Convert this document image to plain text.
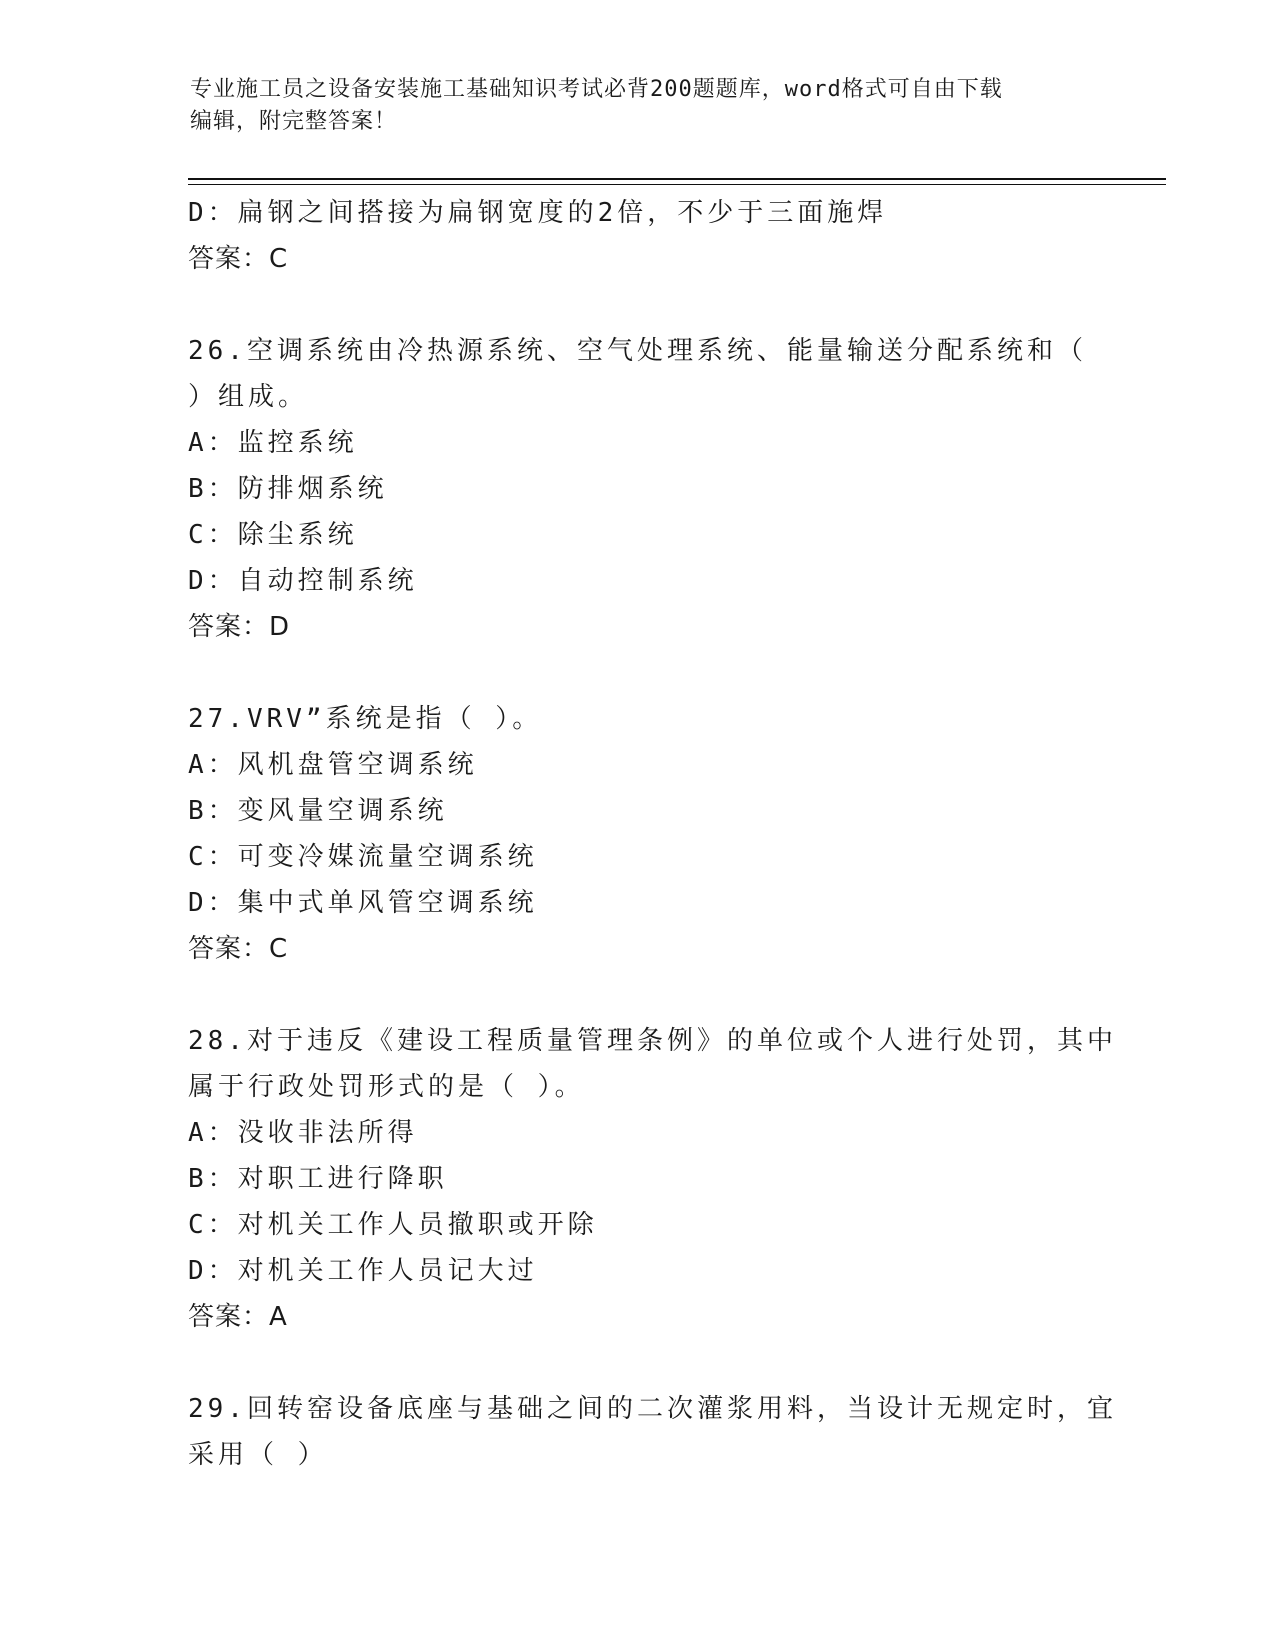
专业施工员之设备安装施工基础知识考试必背200题题库，word格式可自由下载
编辑，附完整答案！
D：扁钢之间搭接为扁钢宽度的2倍，不少于三面施焊
答案：C
26.空调系统由冷热源系统、空气处理系统、能量输送分配系统和（
）组成。
A：监控系统
B：防排烟系统
C：除尘系统
D：自动控制系统
答案：D
27.VRV”系统是指（ ）。
A：风机盘管空调系统
B：变风量空调系统
C：可变冷媒流量空调系统
D：集中式单风管空调系统
答案：C
28.对于违反《建设工程质量管理条例》的单位或个人进行处罚，其中
属于行政处罚形式的是（ ）。
A：没收非法所得
B：对职工进行降职
C：对机关工作人员撤职或开除
D：对机关工作人员记大过
答案：A
29.回转窑设备底座与基础之间的二次灌浆用料，当设计无规定时，宜
采用（ ）
